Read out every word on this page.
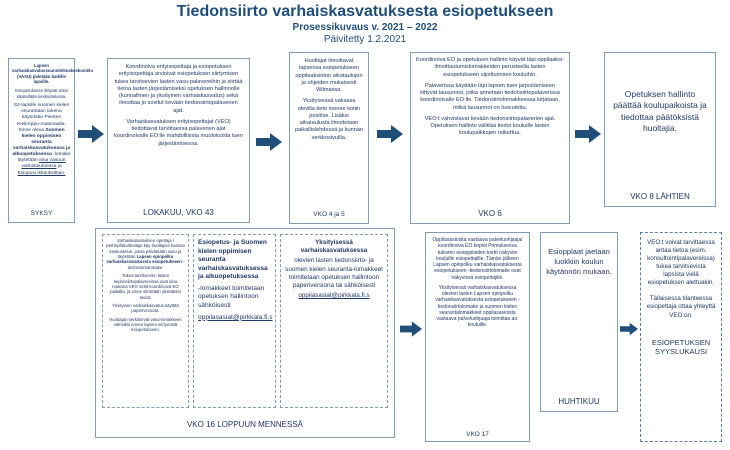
Tiedonsiirto varhaiskasvatuksesta esiopetukseen
Prosessikuvaus v. 2021 – 2022
Päivitetty 1.2.2021

Lapsen varhaiskasvatussuunnitelmakeskustelu (VASU) pidetään kaikille lapsille.

Esiopetukseen liittyvät asiat käsitellään keskustelussa.

S2-lapsille suomen kielen seurantaan tukena käytetään Pienten Kielireppu-materiaalia. Sinne oleva Suomen kielen oppimisen seuranta varhaiskasvatuksessa ja alkuopetuksessa -lomake täytetään aina vasuun valmistautuessa ja Esiopusi ikkäuksittain.

SYKSY

Koordinoiva erityisopettaja ja esiopetuksen erityisopettaja arvioivat esiopetuksen siirtymisen tukea tarvitsevien lasten vasu-palavereihin ja siirtää tietoa lasten järjestämiseksi opetuksen hallinnolle (kunnallinen ja yksityinen varhaiskasvatus) sekä ilmoittaa jo sovitut kevään tiedonsiirtopalaverien ajat.

Varhaiskasvatuksen erityisopettajat (VEO) tiedottavat tarvittaessa palaverien ajat koordinoivalle EO:lle mahdollisista muutoksista tuen järjestämisessa.

LOKAKUU, VKO 43

Huoltajat ilmoittavat lapsensa esiopetukseen oppilaaksioton aikataulujen ja ohjeiden mukaisesti Wilmassa.

Yksityisessä vakassa olevilla tieto menee kotiin postitse. Lisäksi aikataulusta ilmoitetaan paikallislehdessä ja kunnan verkkosivuilla.

VKO 4 ja 5

Koordinoiva EO ja opetuksen hallinto käyvät läpi oppilaaksi-ilmoittautumislomakkeiden perusteella lasten esiopetukseen sijoittumisen kouluihin.

Palaverissa käydään läpi lapsen tuen järjestämiseen liittyvät lausunnot, jotka annetaan tiedonsiirtopalaverissa koordinoivalle EO:lle. Tiedonsiirtolomakkeessa kirjataan, mitkä lausunnot on luovutettu.

VEO:t vahvistavat kevään tiedonsiirtopalaverien ajat. Opetuksen hallinto välittää tiedot kouluille lasten koulupaikkojen ratkettua.

VKO 6

Opetuksen hallinto päättää koulupaikoista ja tiedottaa päätöksistä huoltajia.

VKO 8 LÄHTIEN

Varhaiskasvatuksen opettaja / perhephäivähoitaja käy huoltajien kanssa keskustelun, jossa päivitetään vasu ja täytetään Lapsen opinpolku varhaiskasvatuksesta esiopetukseen -tiedonsiirtolomake.

Tukea tarvitsevien lasten tiedonsiirtopalavereissa ovat aina mukana VEO sekä koordinoiva EO paikalla, ja sinne siirretään yksittäiset tiedot.

Yksityinen varhaiskasvatus käyttää paperiversiota.

Huoltajat merkitsevät vasu-lomakkeen valmiiksi ennen lapsen siirtymistä esiopetukseen.

Esiopetus- ja Suomen kielen oppimisen seuranta varhaiskasvatuksessa ja alkuopetuksessa

-lomakkeet toimitetaan opetuksen hallintoon sähköisesti

oppilasasiat@pirkkala.fi.s

Yksityisessä varhaiskasvatuksessa

olevien lasten tiedonsiirto- ja suomen kielen seuranta-lomakkeet toimitetaan opetuksen hallintoon paperiversiona tai sähköisesti

oppilasasiat@pirkkala.fi.s

VKO 16 LOPPUUN MENNESSÄ

Oppilasasioista vastaava palveluohjaaja/ koordinoiva EO kopioi Primuksessa tulevien esioppilaiden kortit näkyviin kouluille esiopettajille. Tämän jälkeen Lapsen opinpolku varhaiskasvatuksesta esiopetukseen -tiedonsiirtolomake ovat näkyvissä esiopettajille.

Yksityisessä varhaiskasvatuksessa olevien lasten Lapsen opinpolku varhaiskasvatuksesta esiopetukseen -tiedonsiirtolomake ja suomen kielen seurantalomakkeet oppilasasioista vastaava palveluohjaaja toimittaa ao. kouluille.

VKO 17

Esiopplaat jaetaan luokkiin koulun käytännön mukaan.

HUHTIKUU

VEO:t voivat tarvittaessa antaa tietoa (esim. konsultointipalavereissa) tukea tarvitsevista lapsista vielä esiopetuksen alettuakin.

Tällaisessa tilanteessa esiopettaja ottaa yhteyttä VEO:on.

ESIOPETUKSEN SYYSLUKAUSI
